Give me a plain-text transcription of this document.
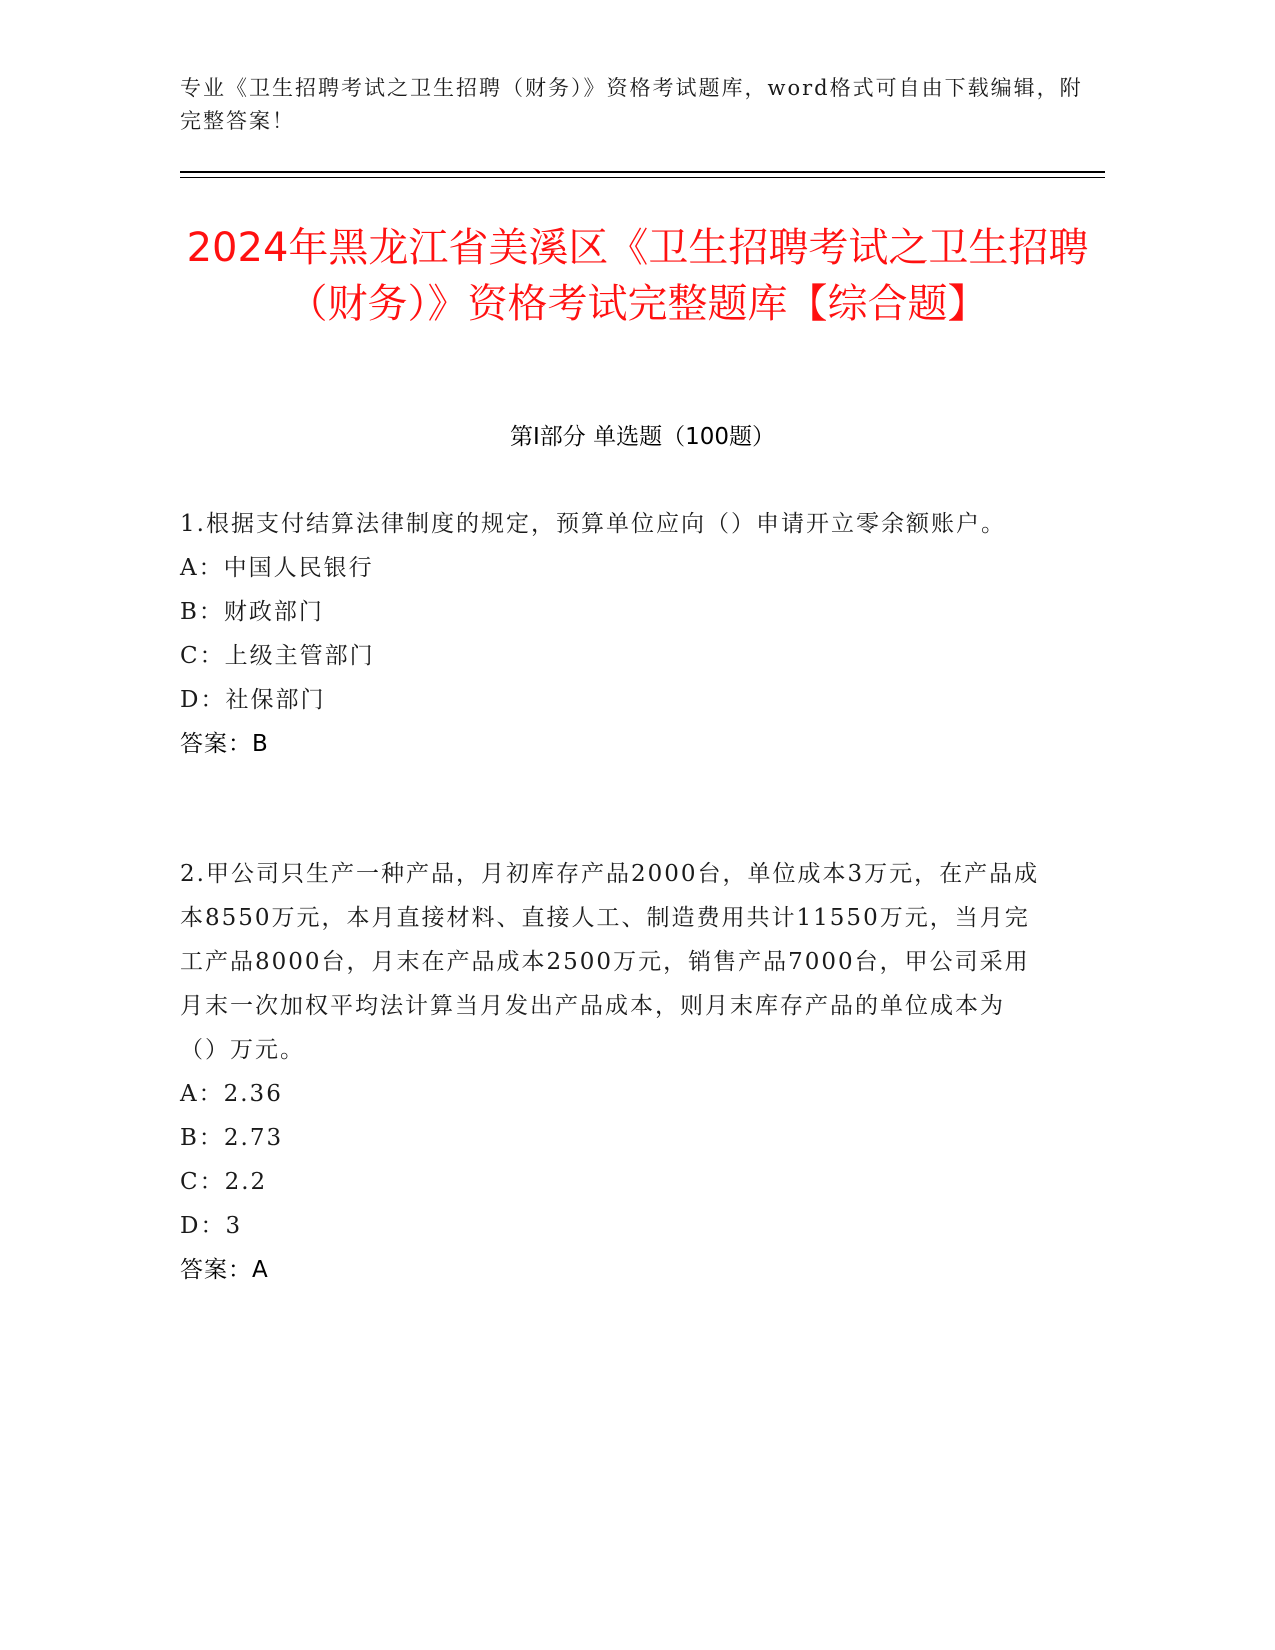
专业《卫生招聘考试之卫生招聘（财务）》资格考试题库，word格式可自由下载编辑，附完整答案！
2024年黑龙江省美溪区《卫生招聘考试之卫生招聘（财务）》资格考试完整题库【综合题】
第Ⅰ部分 单选题（100题）
1.根据支付结算法律制度的规定，预算单位应向（）申请开立零余额账户。
A：中国人民银行
B：财政部门
C：上级主管部门
D：社保部门
答案：B
2.甲公司只生产一种产品，月初库存产品2000台，单位成本3万元，在产品成本8550万元，本月直接材料、直接人工、制造费用共计11550万元，当月完工产品8000台，月末在产品成本2500万元，销售产品7000台，甲公司采用月末一次加权平均法计算当月发出产品成本，则月末库存产品的单位成本为（）万元。
A：2.36
B：2.73
C：2.2
D：3
答案：A
